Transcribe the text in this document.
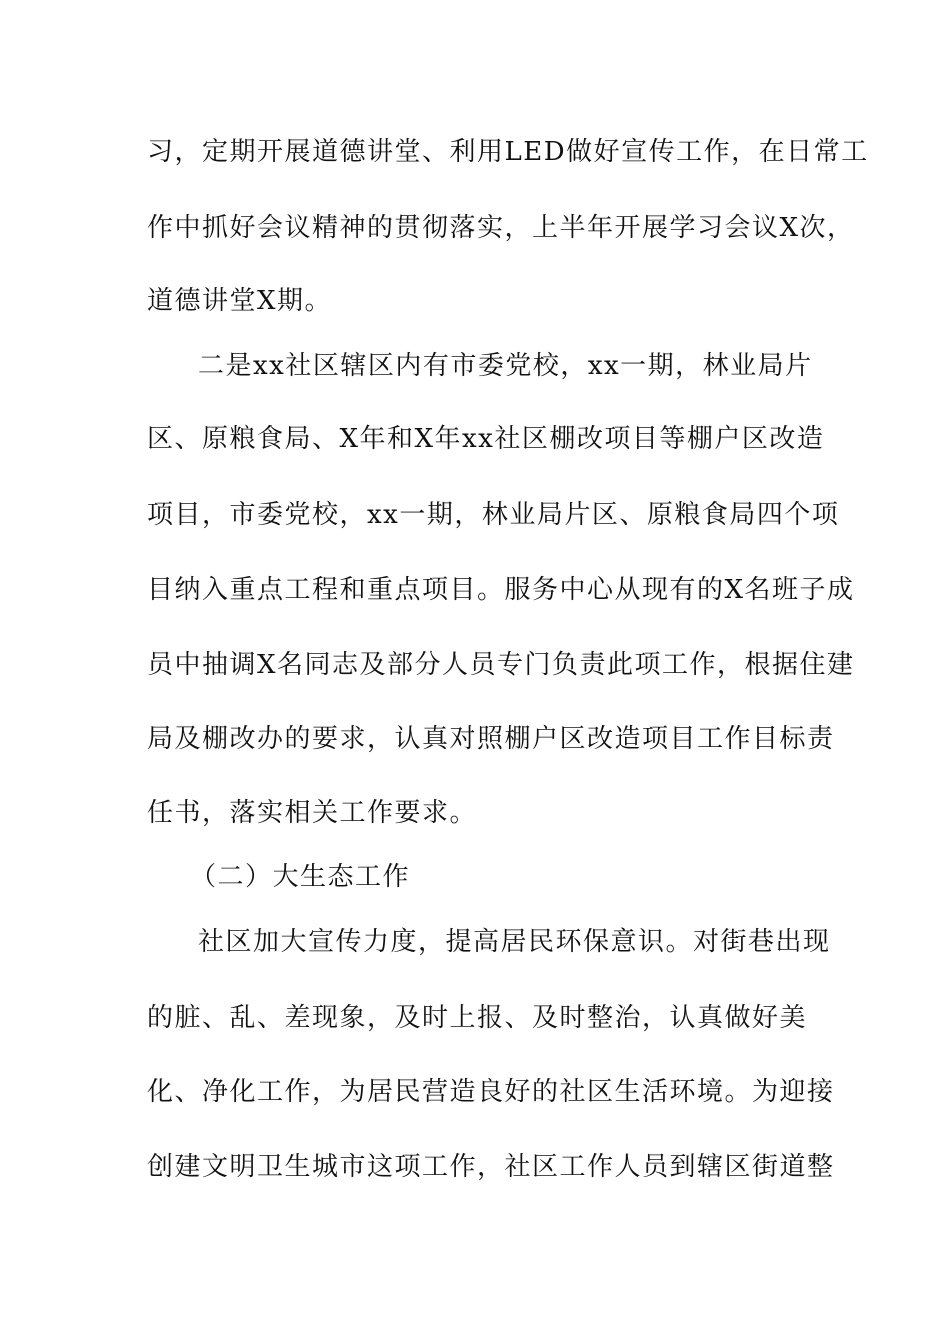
习，定期开展道德讲堂、利用LED做好宣传工作，在日常工
作中抓好会议精神的贯彻落实，上半年开展学习会议X次，
道德讲堂X期。
二是xx社区辖区内有市委党校，xx一期，林业局片
区、原粮食局、X年和X年xx社区棚改项目等棚户区改造
项目，市委党校，xx一期，林业局片区、原粮食局四个项
目纳入重点工程和重点项目。服务中心从现有的X名班子成
员中抽调X名同志及部分人员专门负责此项工作，根据住建
局及棚改办的要求，认真对照棚户区改造项目工作目标责
任书，落实相关工作要求。
（二）大生态工作
社区加大宣传力度，提高居民环保意识。对街巷出现
的脏、乱、差现象，及时上报、及时整治，认真做好美
化、净化工作，为居民营造良好的社区生活环境。为迎接
创建文明卫生城市这项工作，社区工作人员到辖区街道整
